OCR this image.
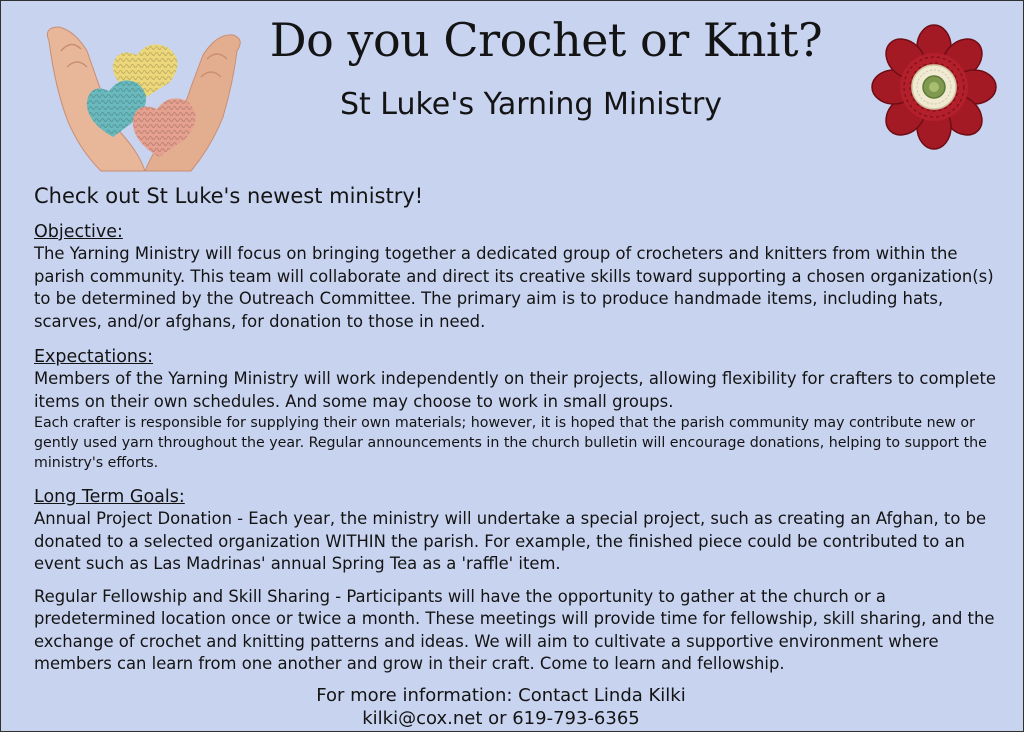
Do you Crochet or Knit?
St Luke's Yarning Ministry
Check out St Luke's newest ministry!
Objective:

The Yarning Ministry will focus on bringing together a dedicated group of crocheters and knitters from within the parish community. This team will collaborate and direct its creative skills toward supporting a chosen organization(s) to be determined by the Outreach Committee. The primary aim is to produce handmade items, including hats, scarves, and/or afghans, for donation to those in need.

Expectations:

Members of the Yarning Ministry will work independently on their projects, allowing flexibility for crafters to complete items on their own schedules. And some may choose to work in small groups.

Each crafter is responsible for supplying their own materials; however, it is hoped that the parish community may contribute new or gently used yarn throughout the year. Regular announcements in the church bulletin will encourage donations, helping to support the ministry's efforts.

Long Term Goals:

Annual Project Donation - Each year, the ministry will undertake a special project, such as creating an Afghan, to be donated to a selected organization WITHIN the parish. For example, the finished piece could be contributed to an event such as Las Madrinas' annual Spring Tea as a 'raffle' item.

Regular Fellowship and Skill Sharing - Participants will have the opportunity to gather at the church or a predetermined location once or twice a month. These meetings will provide time for fellowship, skill sharing, and the exchange of crochet and knitting patterns and ideas. We will aim to cultivate a supportive environment where members can learn from one another and grow in their craft. Come to learn and fellowship.

For more information: Contact Linda Kilki
kilki@cox.net or 619-793-6365
